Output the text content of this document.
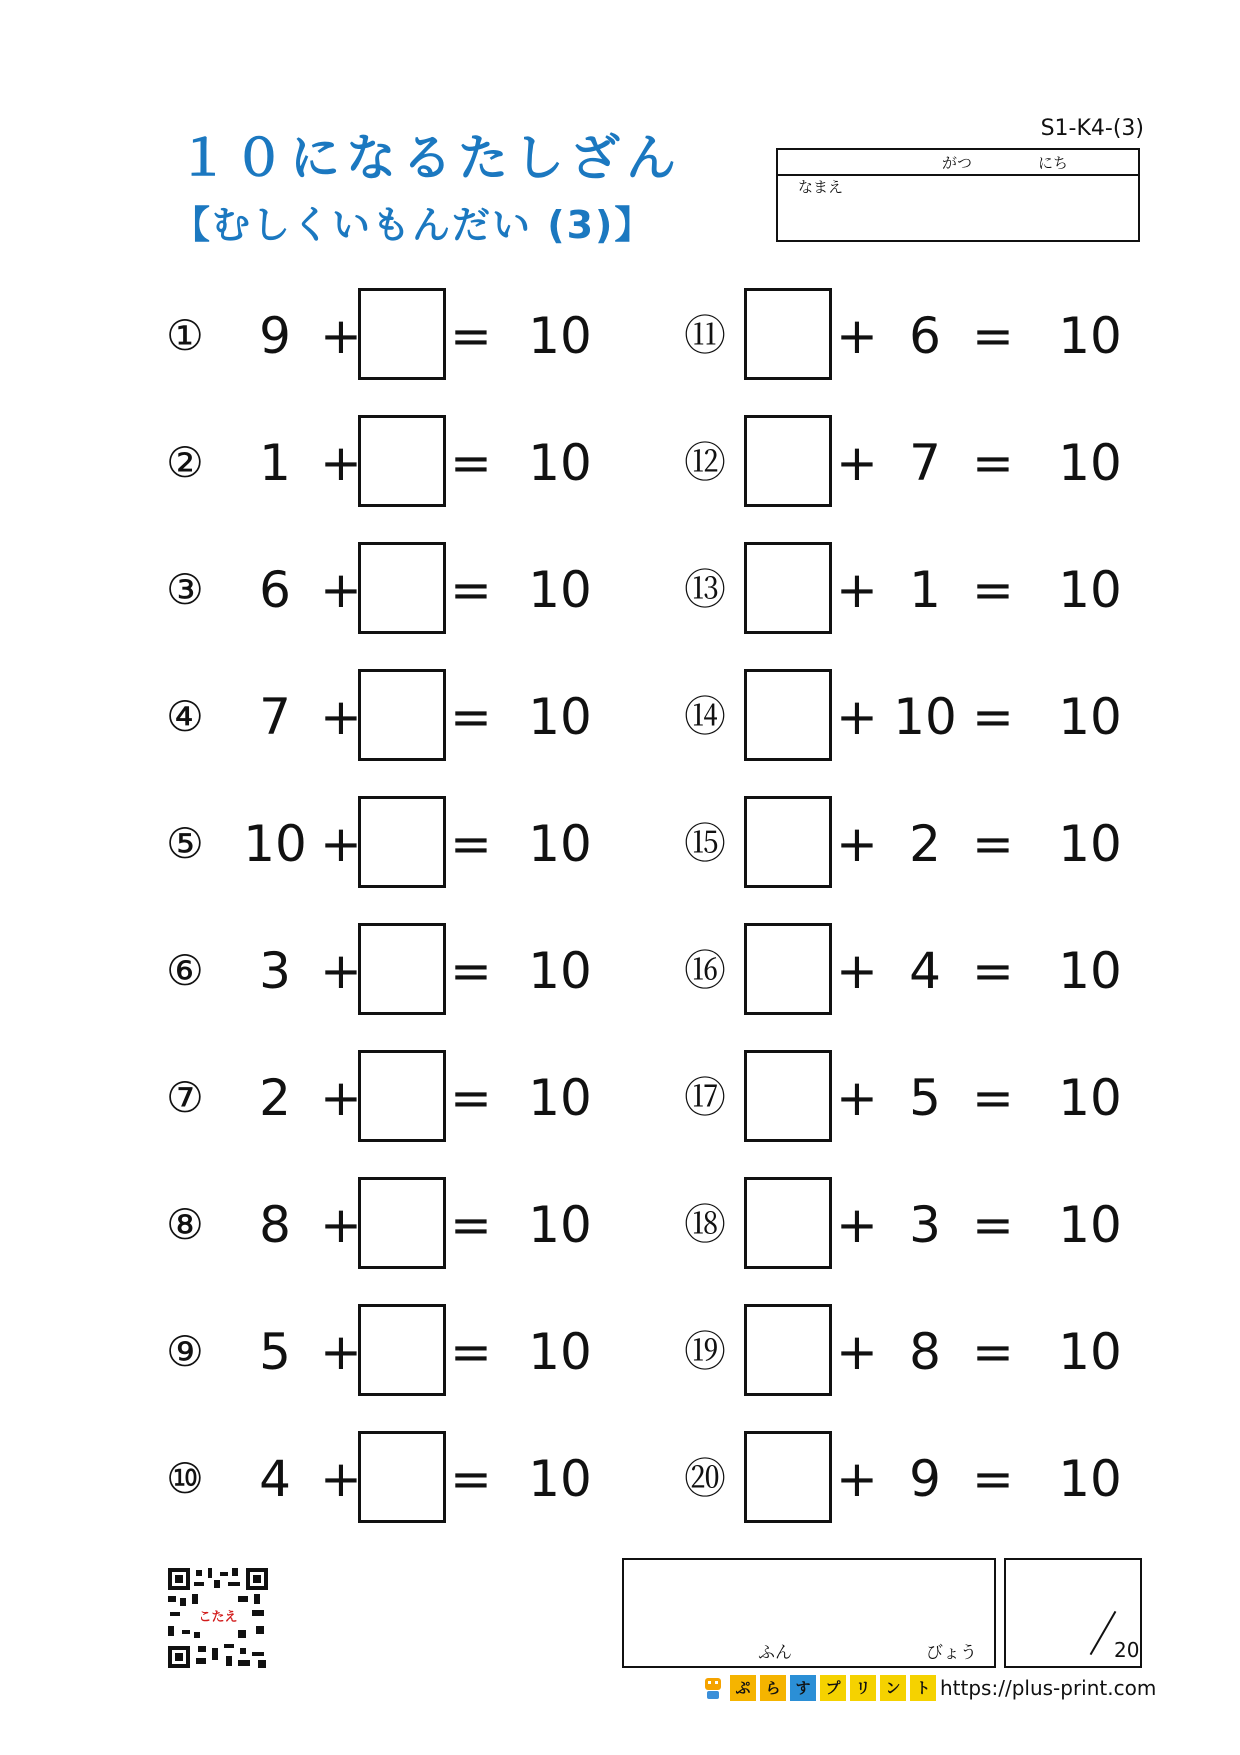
１０になるたしざん
【むしくいもんだい (3)】
S1-K4-(3)
がつ	にち
なまえ
①	9 + = 10
②	1 + = 10
③	6 + = 10
④	7 + = 10
⑤ 10 + = 10
⑥	3 + = 10
⑦	2 + = 10
⑧	8 + = 10
⑨	5 + = 10
⑩	4 + = 10
⑪ + 6 = 10
⑫ + 7 = 10
⑬ + 1 = 10
⑭ + 10 = 10
⑮ + 2 = 10
⑯ + 4 = 10
⑰ + 5 = 10
⑱ + 3 = 10
⑲ + 8 = 10
⑳ + 9 = 10
ふん	びょう	20
こたえ
ぷ ら す プ リ ン ト https://plus-print.com
